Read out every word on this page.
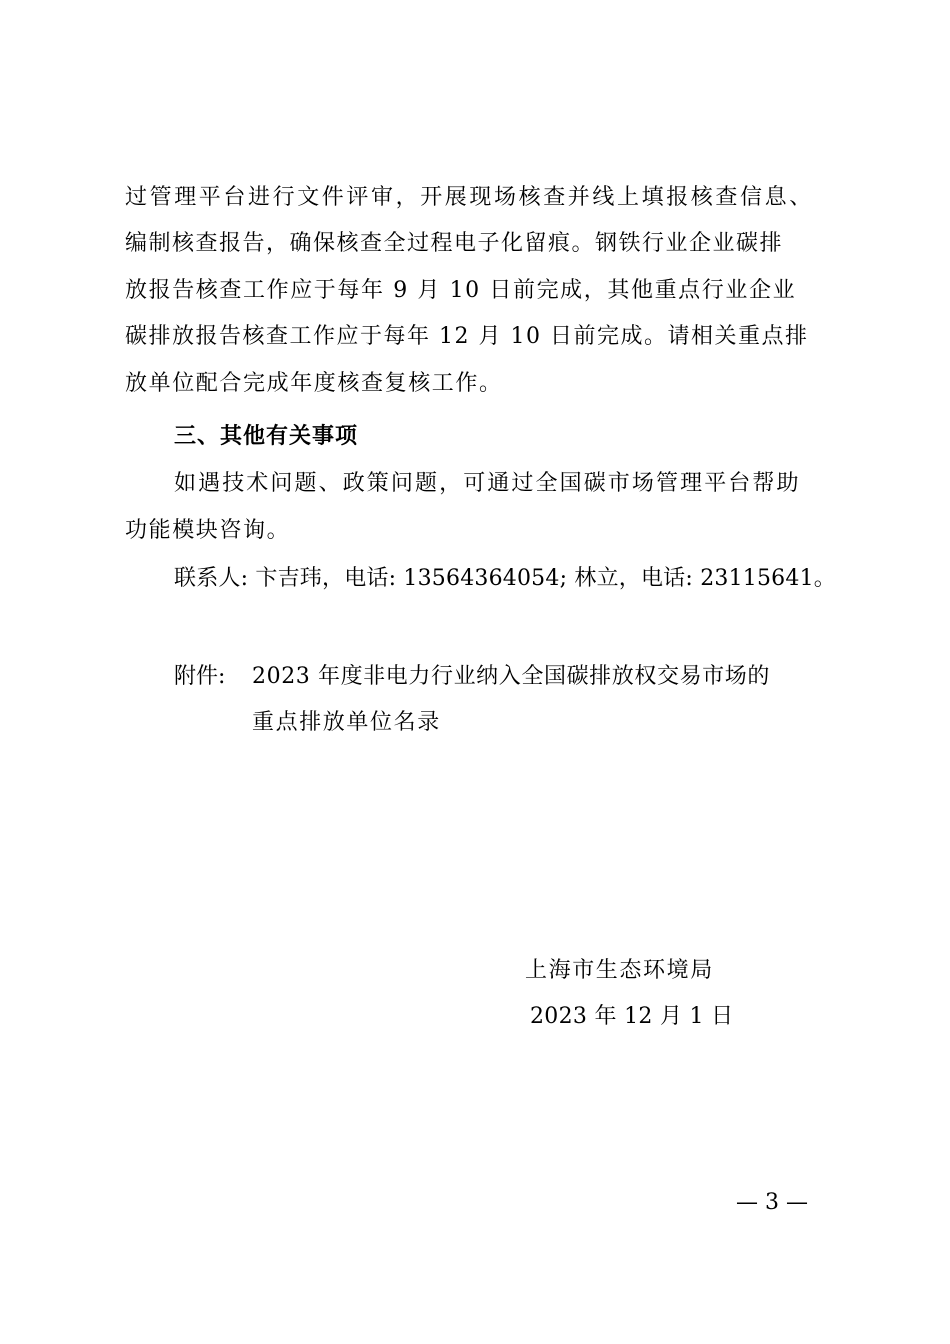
过管理平台进行文件评审，开展现场核查并线上填报核查信息、
编制核查报告，确保核查全过程电子化留痕。钢铁行业企业碳排
放报告核查工作应于每年 9 月 10 日前完成，其他重点行业企业
碳排放报告核查工作应于每年 12 月 10 日前完成。请相关重点排
放单位配合完成年度核查复核工作。
三、其他有关事项
如遇技术问题、政策问题，可通过全国碳市场管理平台帮助
功能模块咨询。
联系人: 卞吉玮，电话: 13564364054; 林立，电话: 23115641。
附件: 2023 年度非电力行业纳入全国碳排放权交易市场的
重点排放单位名录
上海市生态环境局
2023 年 12 月 1 日
— 3 —
